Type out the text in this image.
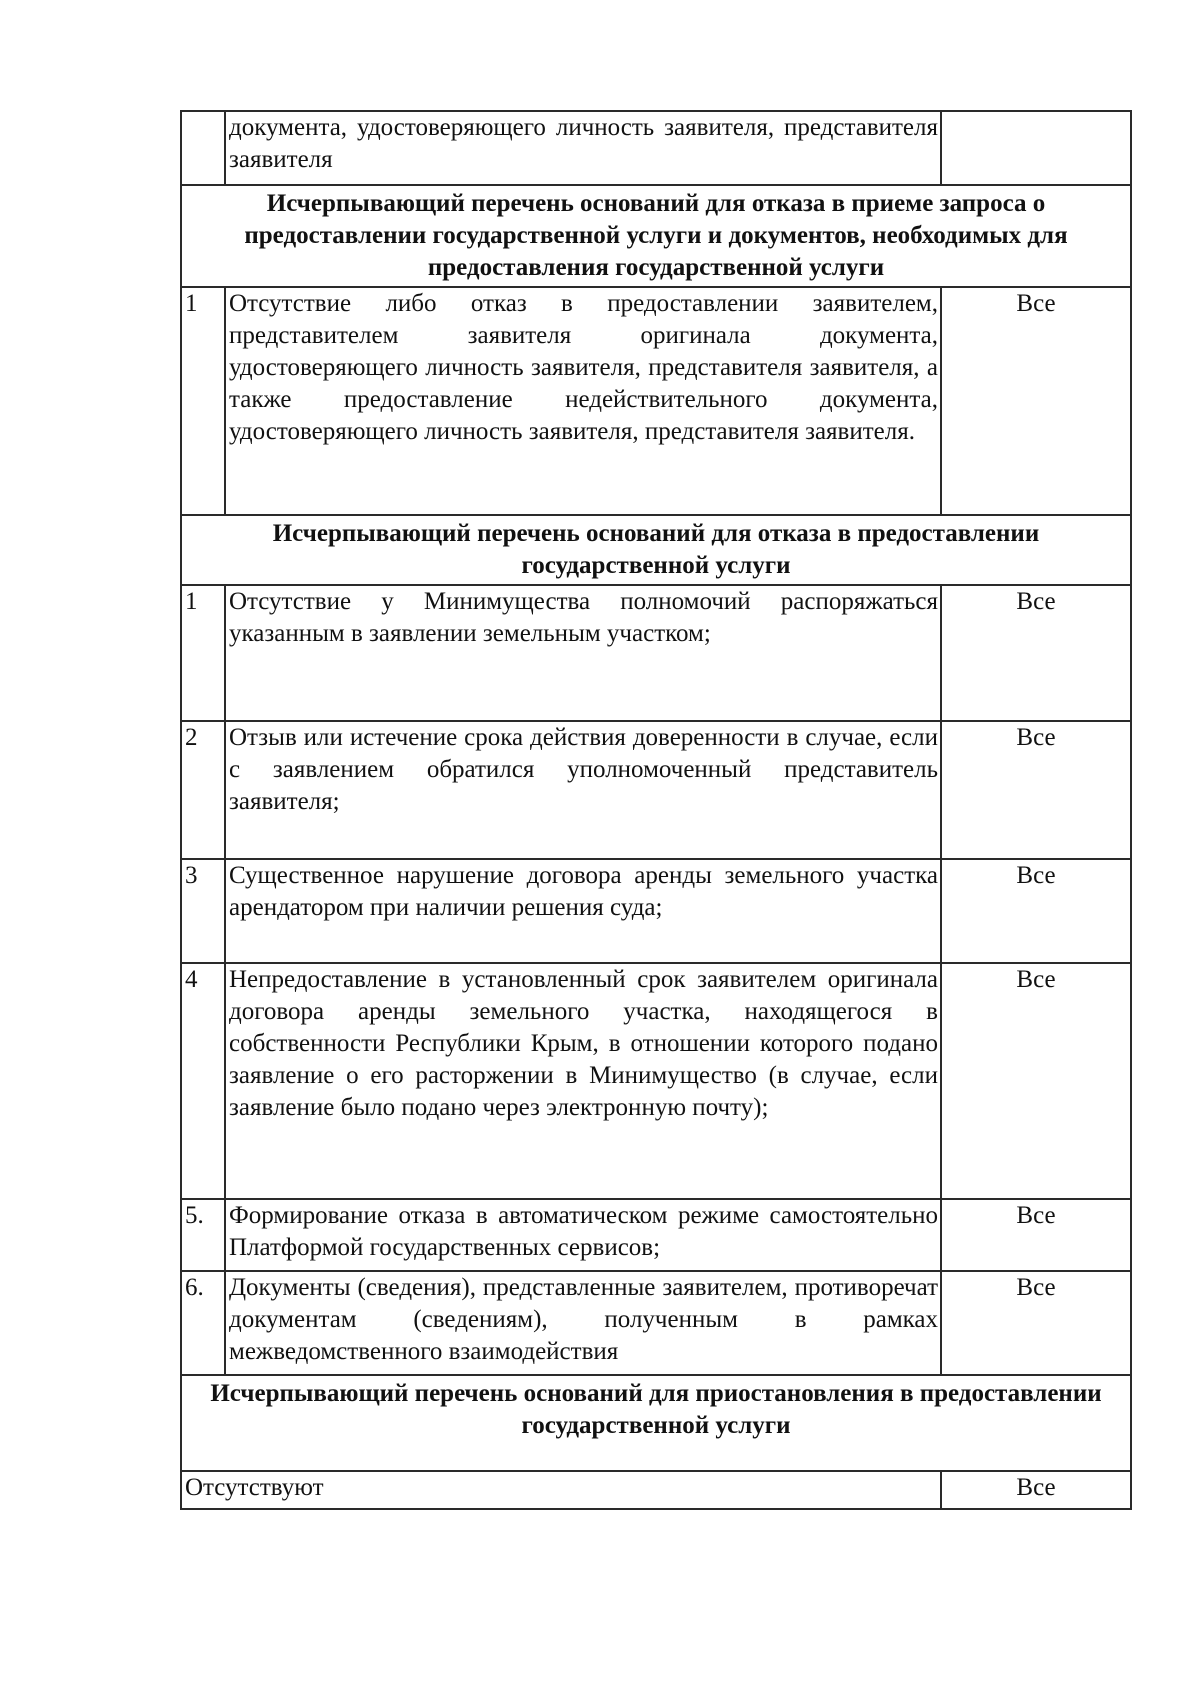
	документа, удостоверяющего личность заявителя, представителя заявителя	
Исчерпывающий перечень оснований для отказа в приеме запроса о предоставлении государственной услуги и документов, необходимых для предоставления государственной услуги		
1	Отсутствие либо отказ в предоставлении заявителем, представителем заявителя оригинала документа, удостоверяющего личность заявителя, представителя заявителя, а также предоставление недействительного документа, удостоверяющего личность заявителя, представителя заявителя.	Все
Исчерпывающий перечень оснований для отказа в предоставлении государственной услуги		
1	Отсутствие у Минимущества полномочий распоряжаться указанным в заявлении земельным участком;	Все
2	Отзыв или истечение срока действия доверенности в случае, если с заявлением обратился уполномоченный представитель заявителя;	Все
3	Существенное нарушение договора аренды земельного участка арендатором при наличии решения суда;	Все
4	Непредоставление в установленный срок заявителем оригинала договора аренды земельного участка, находящегося в собственности Республики Крым, в отношении которого подано заявление о его расторжении в Минимущество (в случае, если заявление было подано через электронную почту);	Все
5.	Формирование отказа в автоматическом режиме самостоятельно Платформой государственных сервисов;	Все
6.	Документы (сведения), представленные заявителем, противоречат документам (сведениям), полученным в рамках межведомственного взаимодействия	Все
Исчерпывающий перечень оснований для приостановления в предоставлении государственной услуги		
Отсутствуют		Все
